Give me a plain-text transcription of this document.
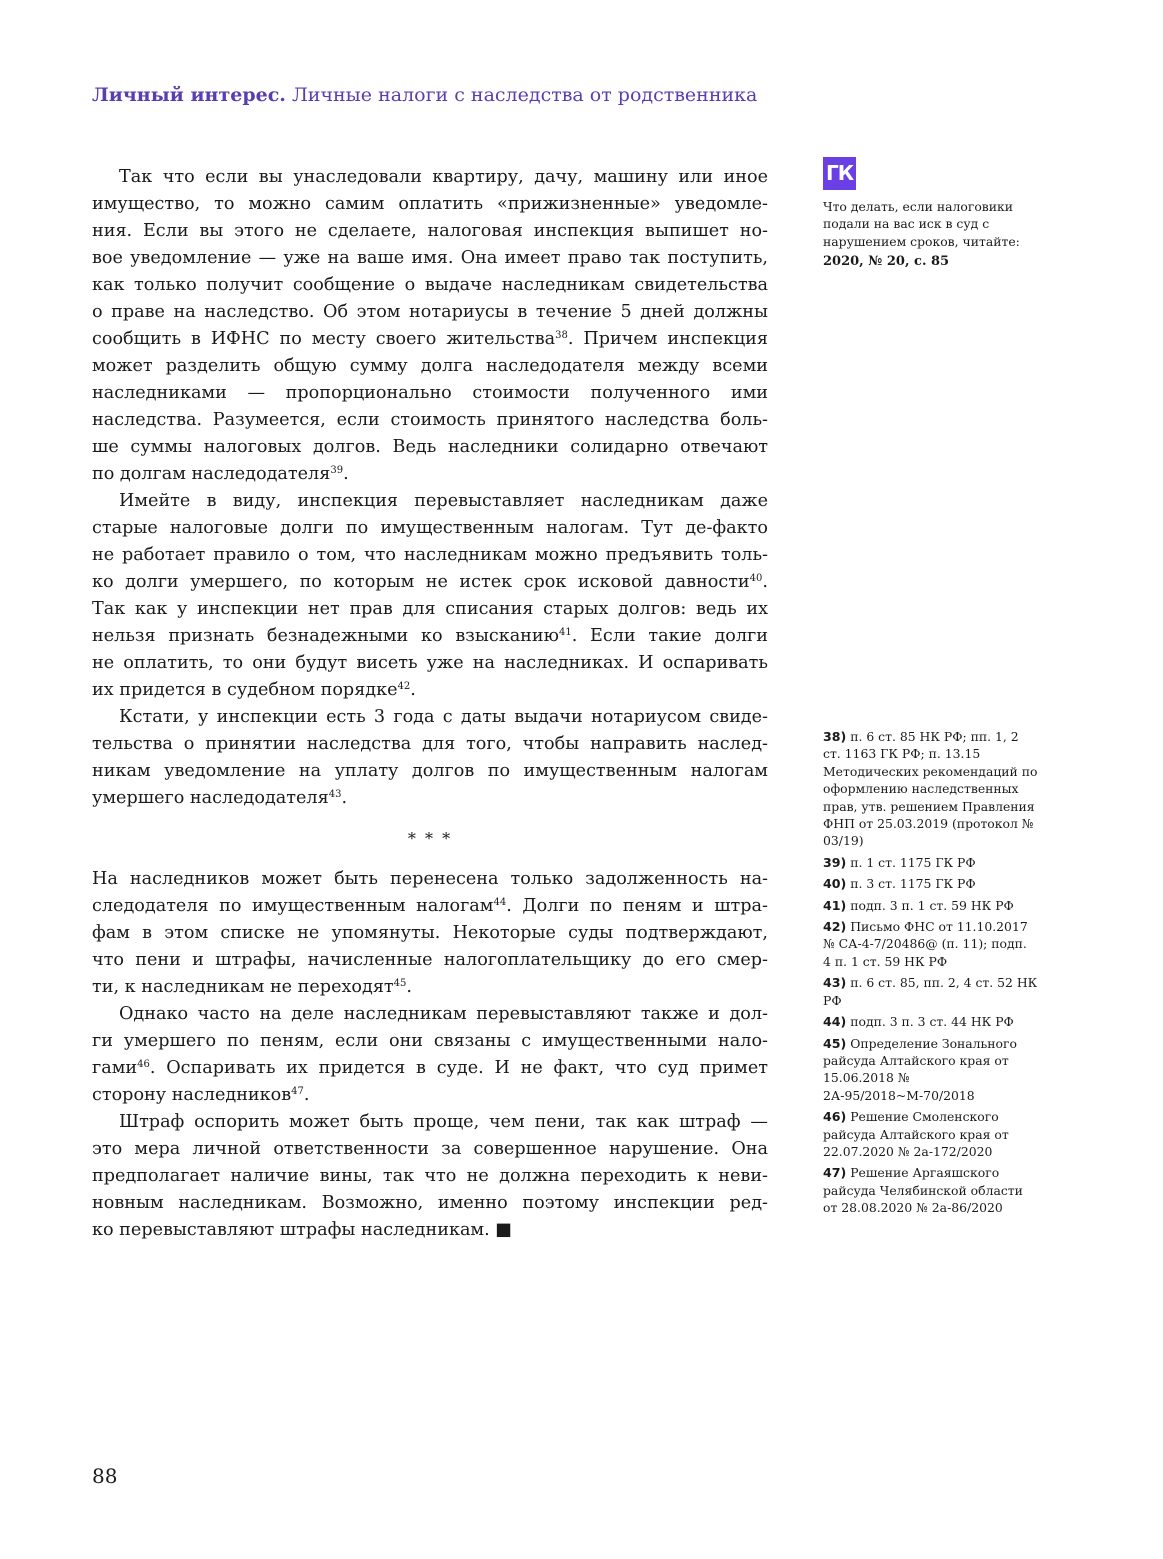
Личный интерес. Личные налоги с наследства от родственника
Так что если вы унаследовали квартиру, дачу, машину или иное
имущество, то можно самим оплатить «прижизненные» уведомле-
ния. Если вы этого не сделаете, налоговая инспекция выпишет но-
вое уведомление — уже на ваше имя. Она имеет право так поступить,
как только получит сообщение о выдаче наследникам свидетельства
о праве на наследство. Об этом нотариусы в течение 5 дней должны
сообщить в ИФНС по месту своего жительства$^{38}$. Причем инспекция
может разделить общую сумму долга наследодателя между всеми
наследниками — пропорционально стоимости полученного ими
наследства. Разумеется, если стоимость принятого наследства боль-
ше суммы налоговых долгов. Ведь наследники солидарно отвечают
по долгам наследодателя$^{39}$.
Имейте в виду, инспекция перевыставляет наследникам даже
старые налоговые долги по имущественным налогам. Тут де-факто
не работает правило о том, что наследникам можно предъявить толь-
ко долги умершего, по которым не истек срок исковой давности$^{40}$.
Так как у инспекции нет прав для списания старых долгов: ведь их
нельзя признать безнадежными ко взысканию$^{41}$. Если такие долги
не оплатить, то они будут висеть уже на наследниках. И оспаривать
их придется в судебном порядке$^{42}$.
Кстати, у инспекции есть 3 года с даты выдачи нотариусом свиде-
тельства о принятии наследства для того, чтобы направить наслед-
никам уведомление на уплату долгов по имущественным налогам
умершего наследодателя$^{43}$.
* * *
На наследников может быть перенесена только задолженность на-
следодателя по имущественным налогам$^{44}$. Долги по пеням и штра-
фам в этом списке не упомянуты. Некоторые суды подтверждают,
что пени и штрафы, начисленные налогоплательщику до его смер-
ти, к наследникам не переходят$^{45}$.
Однако часто на деле наследникам перевыставляют также и дол-
ги умершего по пеням, если они связаны с имущественными нало-
гами$^{46}$. Оспаривать их придется в суде. И не факт, что суд примет
сторону наследников$^{47}$.
Штраф оспорить может быть проще, чем пени, так как штраф —
это мера личной ответственности за совершенное нарушение. Она
предполагает наличие вины, так что не должна переходить к неви-
новным наследникам. Возможно, именно поэтому инспекции ред-
ко перевыставляют штрафы наследникам. ■
ГК
Что делать, если налоговики подали на вас иск в суд с нарушением сроков, читайте:
2020, № 20, с. 85
38) п. 6 ст. 85 НК РФ; пп. 1, 2 ст. 1163 ГК РФ; п. 13.15 Методических рекомендаций по оформлению наследственных прав, утв. решением Правления ФНП от 25.03.2019 (протокол № 03/19)
39) п. 1 ст. 1175 ГК РФ
40) п. 3 ст. 1175 ГК РФ
41) подп. 3 п. 1 ст. 59 НК РФ
42) Письмо ФНС от 11.10.2017 № СА-4-7/20486@ (п. 11); подп. 4 п. 1 ст. 59 НК РФ
43) п. 6 ст. 85, пп. 2, 4 ст. 52 НК РФ
44) подп. 3 п. 3 ст. 44 НК РФ
45) Определение Зонального райсуда Алтайского края от 15.06.2018 № 2А-95/2018~М-70/2018
46) Решение Смоленского райсуда Алтайского края от 22.07.2020 № 2а-172/2020
47) Решение Аргаяшского райсуда Челябинской области от 28.08.2020 № 2а-86/2020
88
